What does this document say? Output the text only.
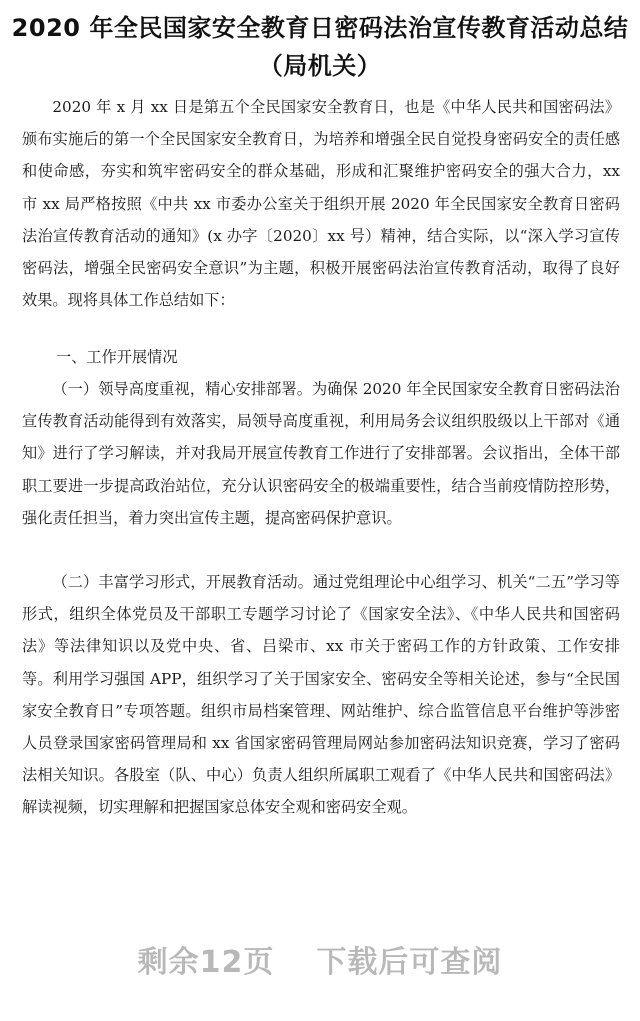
2020 年全民国家安全教育日密码法治宣传教育活动总结
（局机关）

2020 年 x 月 xx 日是第五个全民国家安全教育日，也是《中华人民共和国密码法》颁布实施后的第一个全民国家安全教育日，为培养和增强全民自觉投身密码安全的责任感和使命感，夯实和筑牢密码安全的群众基础，形成和汇聚维护密码安全的强大合力，xx 市 xx 局严格按照《中共 xx 市委办公室关于组织开展 2020 年全民国家安全教育日密码法治宣传教育活动的通知》(x 办字〔2020〕xx 号）精神，结合实际，以“深入学习宣传密码法，增强全民密码安全意识”为主题，积极开展密码法治宣传教育活动，取得了良好效果。现将具体工作总结如下：

一、工作开展情况

（一）领导高度重视，精心安排部署。为确保 2020 年全民国家安全教育日密码法治宣传教育活动能得到有效落实，局领导高度重视，利用局务会议组织股级以上干部对《通知》进行了学习解读，并对我局开展宣传教育工作进行了安排部署。会议指出，全体干部职工要进一步提高政治站位，充分认识密码安全的极端重要性，结合当前疫情防控形势，强化责任担当，着力突出宣传主题，提高密码保护意识。

（二）丰富学习形式，开展教育活动。通过党组理论中心组学习、机关“二五”学习等形式，组织全体党员及干部职工专题学习讨论了《国家安全法》、《中华人民共和国密码法》等法律知识以及党中央、省、吕梁市、xx 市关于密码工作的方针政策、工作安排等。利用学习强国 APP，组织学习了关于国家安全、密码安全等相关论述，参与“全民国家安全教育日”专项答题。组织市局档案管理、网站维护、综合监管信息平台维护等涉密人员登录国家密码管理局和 xx 省国家密码管理局网站参加密码法知识竞赛，学习了密码法相关知识。各股室（队、中心）负责人组织所属职工观看了《中华人民共和国密码法》解读视频，切实理解和把握国家总体安全观和密码安全观。

剩余12页 下载后可查阅
